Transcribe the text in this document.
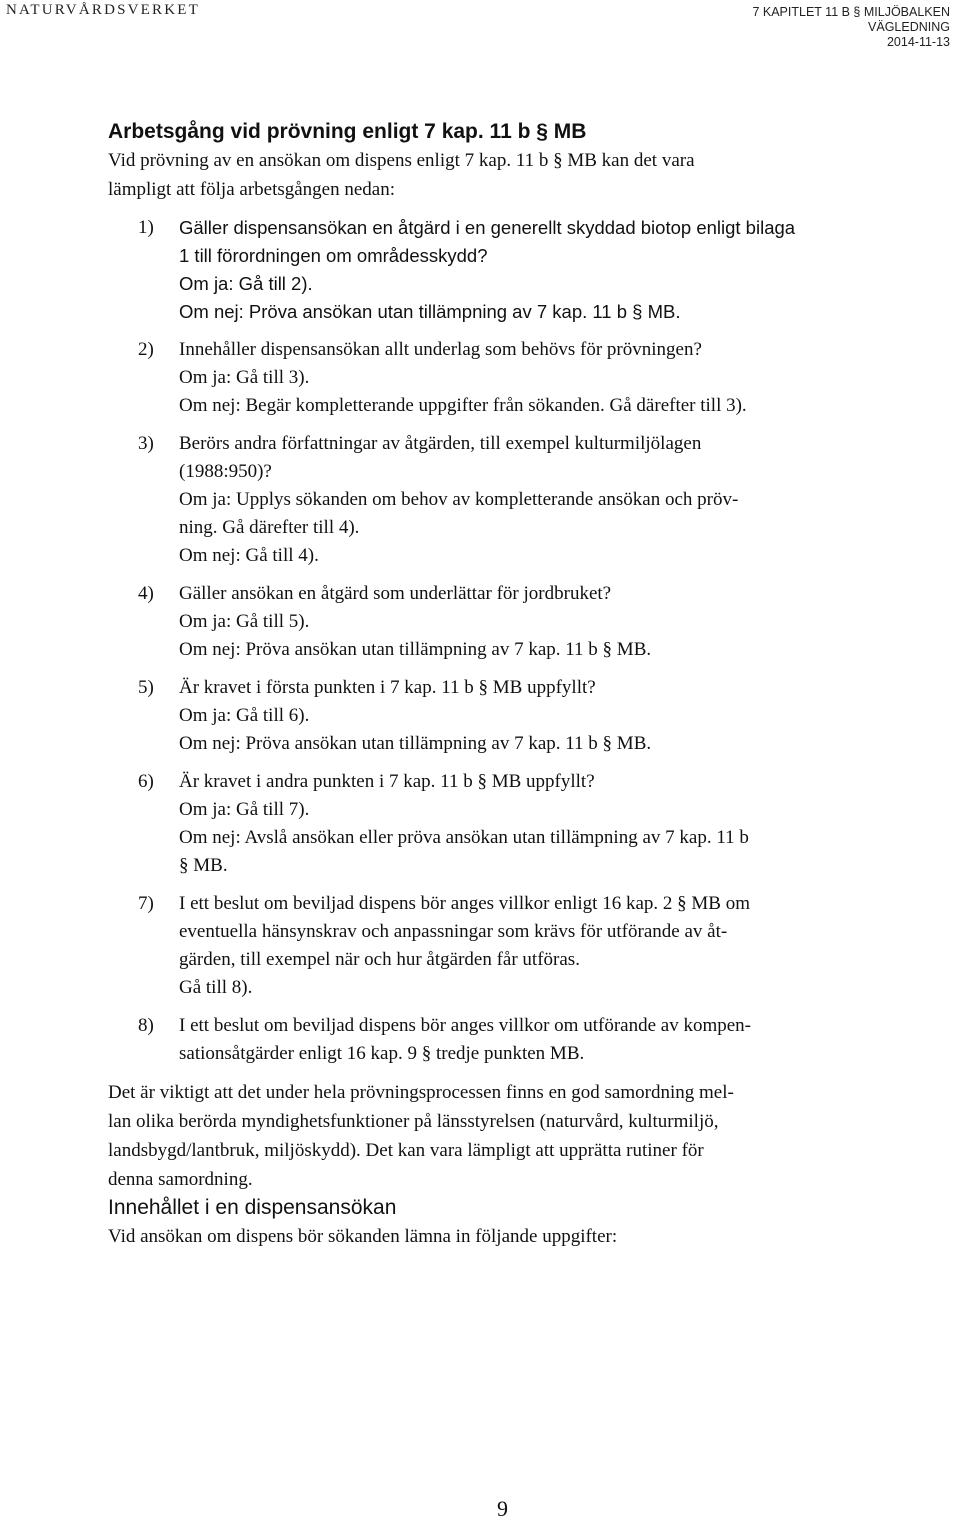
NATURVÅRDSVERKET	7 KAPITLET 11 B § MILJÖBALKEN
VÄGLEDNING
2014-11-13
Arbetsgång vid prövning enligt 7 kap. 11 b § MB

Vid prövning av en ansökan om dispens enligt 7 kap. 11 b § MB kan det vara
lämpligt att följa arbetsgången nedan:

1) Gäller dispensansökan en åtgärd i en generellt skyddad biotop enligt bilaga
1 till förordningen om områdesskydd?
Om ja: Gå till 2).
Om nej: Pröva ansökan utan tillämpning av 7 kap. 11 b § MB.
2) Innehåller dispensansökan allt underlag som behövs för prövningen?
Om ja: Gå till 3).
Om nej: Begär kompletterande uppgifter från sökanden. Gå därefter till 3).
3) Berörs andra författningar av åtgärden, till exempel kulturmiljölagen
(1988:950)?
Om ja: Upplys sökanden om behov av kompletterande ansökan och pröv-
ning. Gå därefter till 4).
Om nej: Gå till 4).
4) Gäller ansökan en åtgärd som underlättar för jordbruket?
Om ja: Gå till 5).
Om nej: Pröva ansökan utan tillämpning av 7 kap. 11 b § MB.
5) Är kravet i första punkten i 7 kap. 11 b § MB uppfyllt?
Om ja: Gå till 6).
Om nej: Pröva ansökan utan tillämpning av 7 kap. 11 b § MB.
6) Är kravet i andra punkten i 7 kap. 11 b § MB uppfyllt?
Om ja: Gå till 7).
Om nej: Avslå ansökan eller pröva ansökan utan tillämpning av 7 kap. 11 b
§ MB.
7) I ett beslut om beviljad dispens bör anges villkor enligt 16 kap. 2 § MB om
eventuella hänsynskrav och anpassningar som krävs för utförande av åt-
gärden, till exempel när och hur åtgärden får utföras.
Gå till 8).
8) I ett beslut om beviljad dispens bör anges villkor om utförande av kompen-
sationsåtgärder enligt 16 kap. 9 § tredje punkten MB.

Det är viktigt att det under hela prövningsprocessen finns en god samordning mel-
lan olika berörda myndighetsfunktioner på länsstyrelsen (naturvård, kulturmiljö,
landsbygd/lantbruk, miljöskydd). Det kan vara lämpligt att upprätta rutiner för
denna samordning.

Innehållet i en dispensansökan

Vid ansökan om dispens bör sökanden lämna in följande uppgifter:

9
